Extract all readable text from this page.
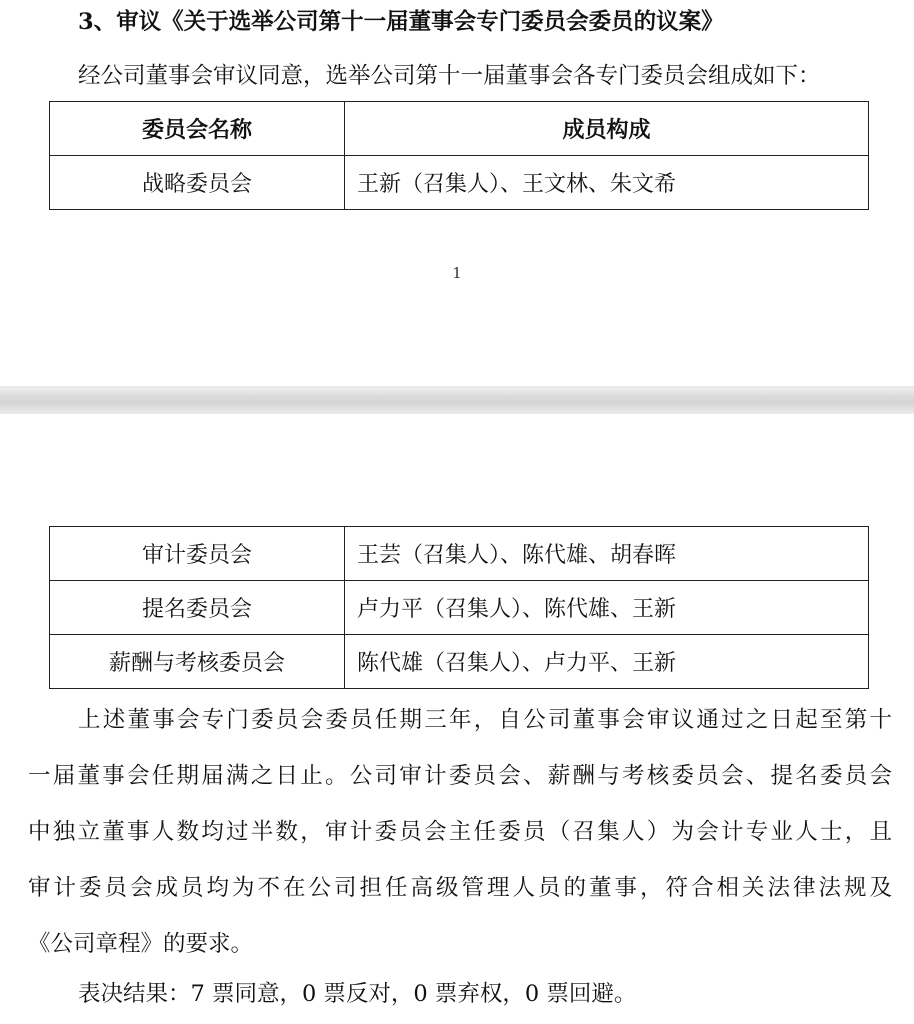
3、审议《关于选举公司第十一届董事会专门委员会委员的议案》
经公司董事会审议同意，选举公司第十一届董事会各专门委员会组成如下：
委员会名称	成员构成
战略委员会	王新（召集人）、王文林、朱文希
1
审计委员会	王芸（召集人）、陈代雄、胡春晖
提名委员会	卢力平（召集人）、陈代雄、王新
薪酬与考核委员会	陈代雄（召集人）、卢力平、王新
上述董事会专门委员会委员任期三年，自公司董事会审议通过之日起至第十
一届董事会任期届满之日止。公司审计委员会、薪酬与考核委员会、提名委员会
中独立董事人数均过半数，审计委员会主任委员（召集人）为会计专业人士，且
审计委员会成员均为不在公司担任高级管理人员的董事，符合相关法律法规及
《公司章程》的要求。
表决结果：7 票同意，0 票反对，0 票弃权，0 票回避。
